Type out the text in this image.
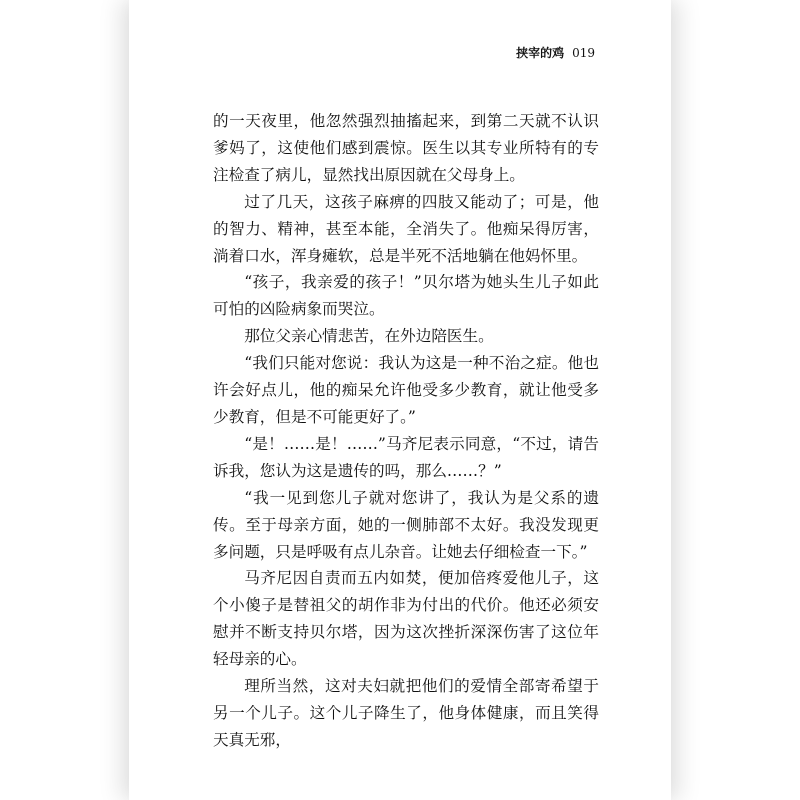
挟宰的鸡 019

的一天夜里，他忽然强烈抽搐起来，到第二天就不认识爹妈了，这使他们感到震惊。医生以其专业所特有的专注检查了病儿，显然找出原因就在父母身上。

过了几天，这孩子麻痹的四肢又能动了；可是，他的智力、精神，甚至本能，全消失了。他痴呆得厉害，淌着口水，浑身瘫软，总是半死不活地躺在他妈怀里。

“孩子，我亲爱的孩子！”贝尔塔为她头生儿子如此可怕的凶险病象而哭泣。

那位父亲心情悲苦，在外边陪医生。

“我们只能对您说：我认为这是一种不治之症。他也许会好点儿，他的痴呆允许他受多少教育，就让他受多少教育，但是不可能更好了。”

“是！……是！……”马齐尼表示同意，“不过，请告诉我，您认为这是遗传的吗，那么……？”

“我一见到您儿子就对您讲了，我认为是父系的遗传。至于母亲方面，她的一侧肺部不太好。我没发现更多问题，只是呼吸有点儿杂音。让她去仔细检查一下。”

马齐尼因自责而五内如焚，便加倍疼爱他儿子，这个小傻子是替祖父的胡作非为付出的代价。他还必须安慰并不断支持贝尔塔，因为这次挫折深深伤害了这位年轻母亲的心。

理所当然，这对夫妇就把他们的爱情全部寄希望于另一个儿子。这个儿子降生了，他身体健康，而且笑得天真无邪，
